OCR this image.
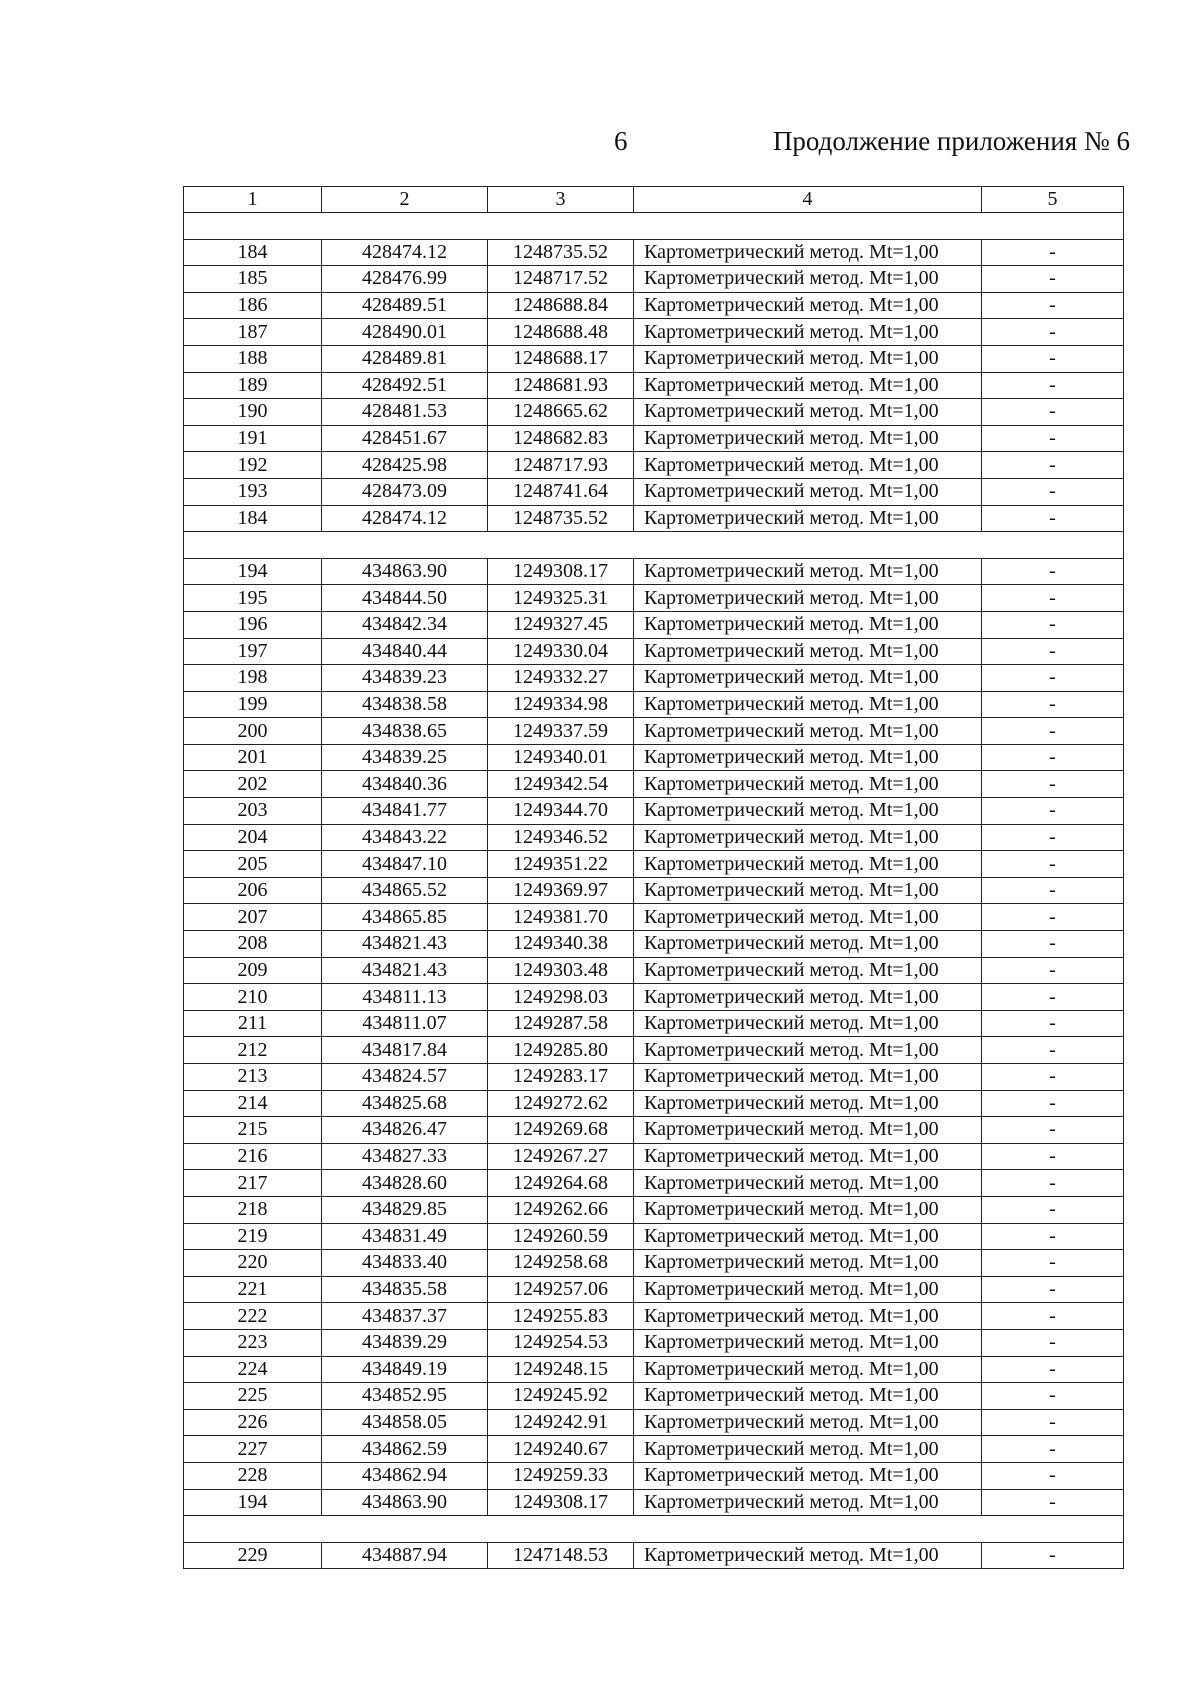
6	Продолжение приложения № 6
1	2	3	4	5

184	428474.12	1248735.52	Картометрический метод. Mt=1,00	-
185	428476.99	1248717.52	Картометрический метод. Mt=1,00	-
186	428489.51	1248688.84	Картометрический метод. Mt=1,00	-
187	428490.01	1248688.48	Картометрический метод. Mt=1,00	-
188	428489.81	1248688.17	Картометрический метод. Mt=1,00	-
189	428492.51	1248681.93	Картометрический метод. Mt=1,00	-
190	428481.53	1248665.62	Картометрический метод. Mt=1,00	-
191	428451.67	1248682.83	Картометрический метод. Mt=1,00	-
192	428425.98	1248717.93	Картометрический метод. Mt=1,00	-
193	428473.09	1248741.64	Картометрический метод. Mt=1,00	-
184	428474.12	1248735.52	Картометрический метод. Mt=1,00	-

194	434863.90	1249308.17	Картометрический метод. Mt=1,00	-
195	434844.50	1249325.31	Картометрический метод. Mt=1,00	-
196	434842.34	1249327.45	Картометрический метод. Mt=1,00	-
197	434840.44	1249330.04	Картометрический метод. Mt=1,00	-
198	434839.23	1249332.27	Картометрический метод. Mt=1,00	-
199	434838.58	1249334.98	Картометрический метод. Mt=1,00	-
200	434838.65	1249337.59	Картометрический метод. Mt=1,00	-
201	434839.25	1249340.01	Картометрический метод. Mt=1,00	-
202	434840.36	1249342.54	Картометрический метод. Mt=1,00	-
203	434841.77	1249344.70	Картометрический метод. Mt=1,00	-
204	434843.22	1249346.52	Картометрический метод. Mt=1,00	-
205	434847.10	1249351.22	Картометрический метод. Mt=1,00	-
206	434865.52	1249369.97	Картометрический метод. Mt=1,00	-
207	434865.85	1249381.70	Картометрический метод. Mt=1,00	-
208	434821.43	1249340.38	Картометрический метод. Mt=1,00	-
209	434821.43	1249303.48	Картометрический метод. Mt=1,00	-
210	434811.13	1249298.03	Картометрический метод. Mt=1,00	-
211	434811.07	1249287.58	Картометрический метод. Mt=1,00	-
212	434817.84	1249285.80	Картометрический метод. Mt=1,00	-
213	434824.57	1249283.17	Картометрический метод. Mt=1,00	-
214	434825.68	1249272.62	Картометрический метод. Mt=1,00	-
215	434826.47	1249269.68	Картометрический метод. Mt=1,00	-
216	434827.33	1249267.27	Картометрический метод. Mt=1,00	-
217	434828.60	1249264.68	Картометрический метод. Mt=1,00	-
218	434829.85	1249262.66	Картометрический метод. Mt=1,00	-
219	434831.49	1249260.59	Картометрический метод. Mt=1,00	-
220	434833.40	1249258.68	Картометрический метод. Mt=1,00	-
221	434835.58	1249257.06	Картометрический метод. Mt=1,00	-
222	434837.37	1249255.83	Картометрический метод. Mt=1,00	-
223	434839.29	1249254.53	Картометрический метод. Mt=1,00	-
224	434849.19	1249248.15	Картометрический метод. Mt=1,00	-
225	434852.95	1249245.92	Картометрический метод. Mt=1,00	-
226	434858.05	1249242.91	Картометрический метод. Mt=1,00	-
227	434862.59	1249240.67	Картометрический метод. Mt=1,00	-
228	434862.94	1249259.33	Картометрический метод. Mt=1,00	-
194	434863.90	1249308.17	Картометрический метод. Mt=1,00	-

229	434887.94	1247148.53	Картометрический метод. Mt=1,00	-
